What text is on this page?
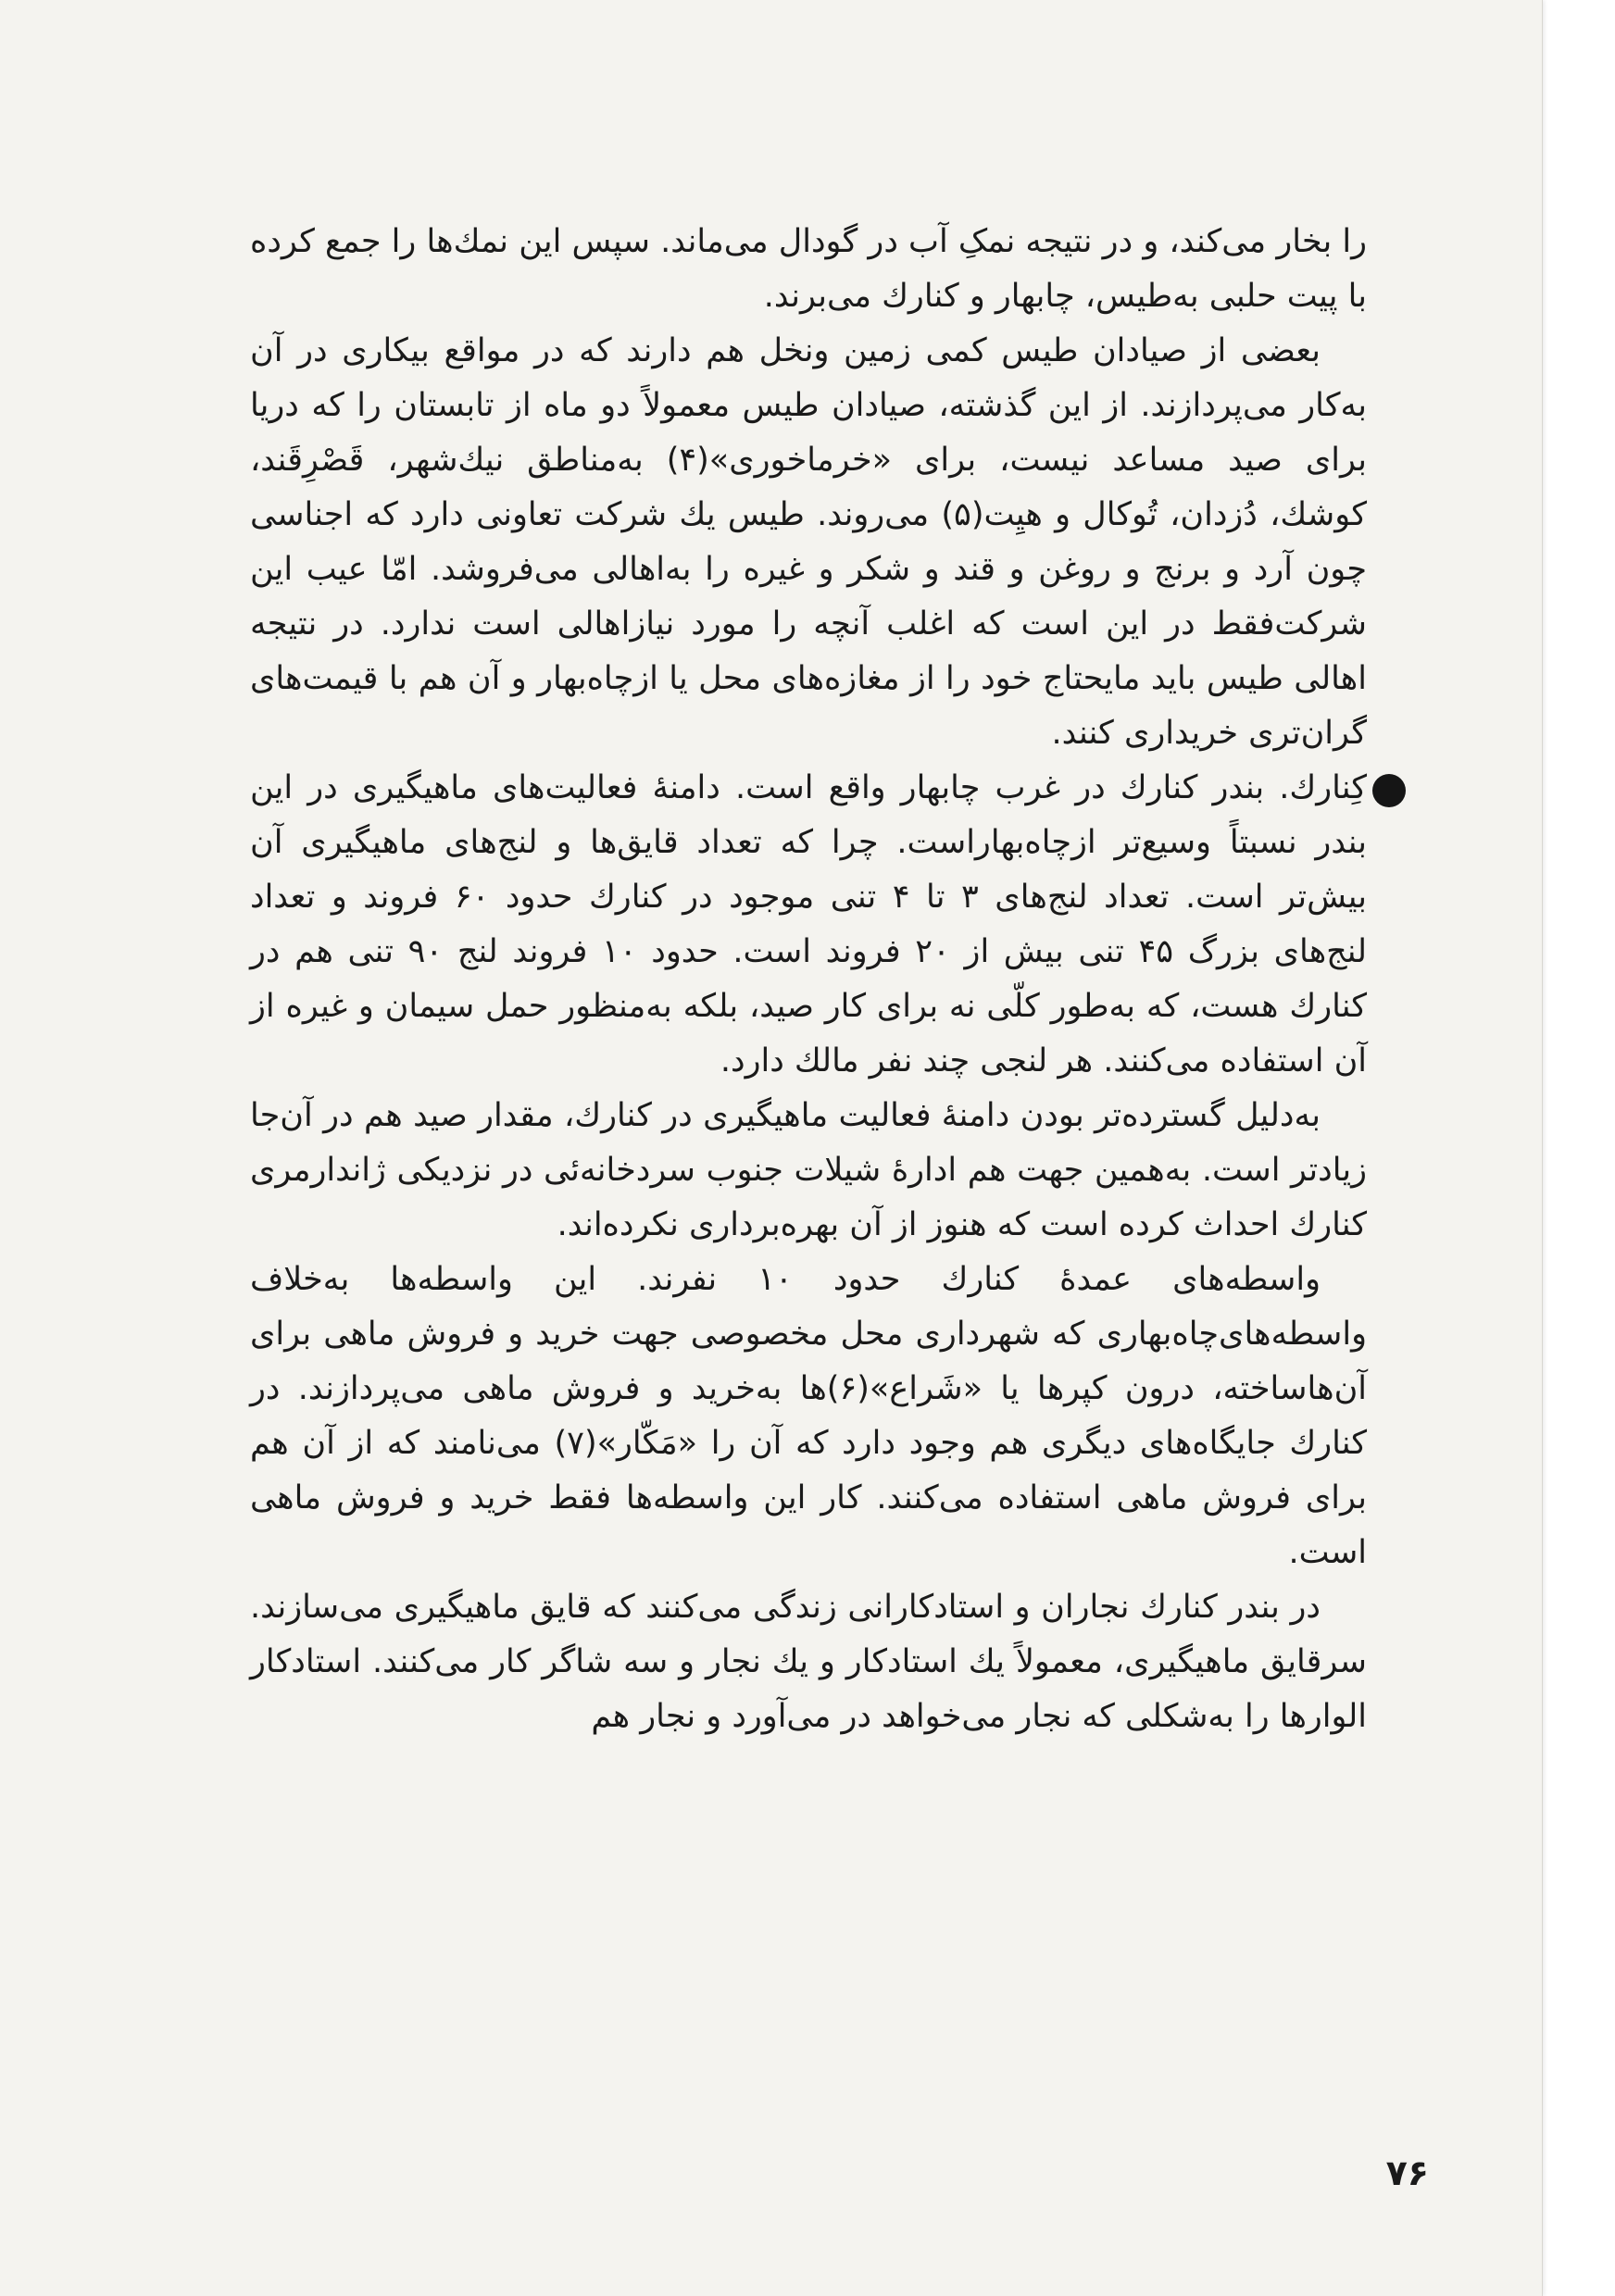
را بخار می‌کند، و در نتیجه نمکِ آب در گودال می‌ماند. سپس این نمك‌ها را جمع کرده با پیت حلبی به‌طیس، چابهار و کنارك می‌برند.

بعضی از صیادان طیس کمی زمین ونخل هم دارند که در مواقع بیکاری در آن به‌کار می‌پردازند. از این گذشته، صیادان طیس معمولاً دو ماه از تابستان را که دریا برای صید مساعد نیست، برای «خرماخوری»(۴) به‌مناطق نیك‌شهر، قَصْرِقَند، کوشك، دُزدان، تُوکال و هیِت(۵) می‌روند. طیس یك شرکت تعاونی دارد که اجناسی چون آرد و برنج و روغن و قند و شکر و غیره را به‌اهالی می‌فروشد. امّا عیب این شرکت‌فقط در این است که اغلب آنچه را مورد نیازاهالی است ندارد. در نتیجه اهالی طیس باید مایحتاج خود را از مغازه‌های محل یا ازچاه‌بهار و آن هم با قیمت‌های گران‌تری خریداری کنند.

کِنارك. بندر کنارك در غرب چابهار واقع است. دامنهٔ فعالیت‌های ماهیگیری در این بندر نسبتاً وسیع‌تر ازچاه‌بهاراست. چرا که تعداد قایق‌ها و لنج‌های ماهیگیری آن بیش‌تر است. تعداد لنج‌های ۳ تا ۴ تنی موجود در کنارك حدود ۶۰ فروند و تعداد لنج‌های بزرگ ۴۵ تنی بیش از ۲۰ فروند است. حدود ۱۰ فروند لنج ۹۰ تنی هم در کنارك هست، که به‌طور کلّی نه برای کار صید، بلکه به‌منظور حمل سیمان و غیره از آن استفاده می‌کنند. هر لنجی چند نفر مالك دارد.

به‌دلیل گسترده‌تر بودن دامنهٔ فعالیت ماهیگیری در کنارك، مقدار صید هم در آن‌جا زیادتر است. به‌همین جهت هم ادارهٔ شیلات جنوب سردخانه‌ئی در نزدیکی ژاندارمری کنارك احداث کرده است که هنوز از آن بهره‌برداری نکرده‌اند.

واسطه‌های عمدهٔ کنارك حدود ۱۰ نفرند. این واسطه‌ها به‌خلاف واسطه‌های‌چاه‌بهاری که شهرداری محل مخصوصی جهت خرید و فروش ماهی برای آن‌هاساخته، درون کپرها یا «شَراع»(۶)ها به‌خرید و فروش ماهی می‌پردازند. در کنارك جایگاه‌های دیگری هم وجود دارد که آن را «مَکّار»(۷) می‌نامند که از آن هم برای فروش ماهی استفاده می‌کنند. کار این واسطه‌ها فقط خرید و فروش ماهی است.

در بندر کنارك نجاران و استادکارانی زندگی می‌کنند که قایق ماهیگیری می‌سازند. سرقایق ماهیگیری، معمولاً یك استادکار و یك نجار و سه شاگر کار می‌کنند. استادکار الوارها را به‌شکلی که نجار می‌خواهد در می‌آورد و نجار هم

۷۶
